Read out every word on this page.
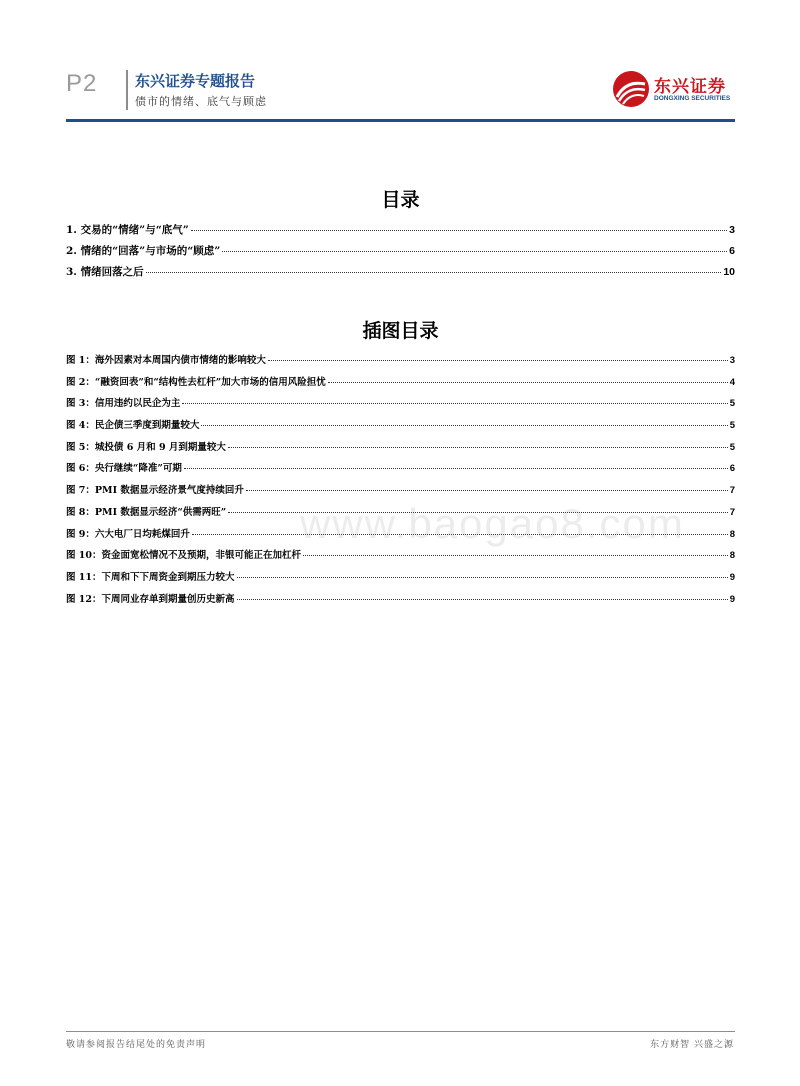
P2	东兴证券专题报告
债市的情绪、底气与顾虑
东兴证券
DONGXING SECURITIES
目录
1. 交易的“情绪”与“底气”	3
2. 情绪的“回落”与市场的“顾虑”	6
3. 情绪回落之后	10
插图目录
图 1：海外因素对本周国内债市情绪的影响较大	3
图 2：“融资回表”和“结构性去杠杆”加大市场的信用风险担忧	4
图 3：信用违约以民企为主	5
图 4：民企债三季度到期量较大	5
图 5：城投债 6 月和 9 月到期量较大	5
图 6：央行继续“降准”可期	6
图 7：PMI 数据显示经济景气度持续回升	7
图 8：PMI 数据显示经济“供需两旺”	7
图 9：六大电厂日均耗煤回升	8
图 10：资金面宽松情况不及预期，非银可能正在加杠杆	8
图 11：下周和下下周资金到期压力较大	9
图 12：下周同业存单到期量创历史新高	9
www.baogao8.com
敬请参阅报告结尾处的免责声明	东方财智 兴盛之源
